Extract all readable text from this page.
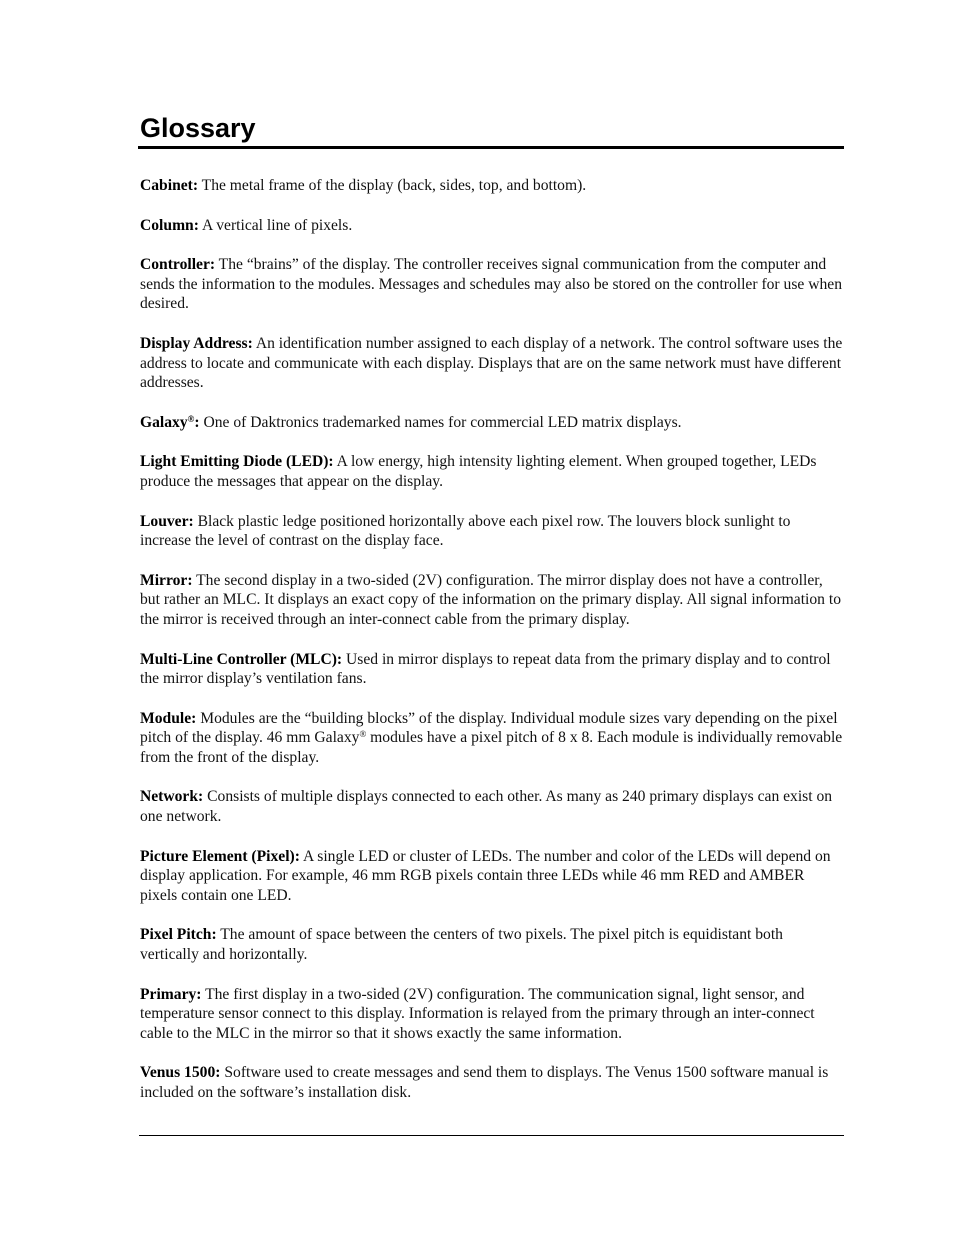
Glossary

Cabinet: The metal frame of the display (back, sides, top, and bottom).

Column: A vertical line of pixels.

Controller: The “brains” of the display. The controller receives signal communication from the computer and sends the information to the modules. Messages and schedules may also be stored on the controller for use when desired.

Display Address: An identification number assigned to each display of a network. The control software uses the address to locate and communicate with each display. Displays that are on the same network must have different addresses.

Galaxy®: One of Daktronics trademarked names for commercial LED matrix displays.

Light Emitting Diode (LED): A low energy, high intensity lighting element. When grouped together, LEDs produce the messages that appear on the display.

Louver: Black plastic ledge positioned horizontally above each pixel row. The louvers block sunlight to increase the level of contrast on the display face.

Mirror: The second display in a two-sided (2V) configuration. The mirror display does not have a controller, but rather an MLC. It displays an exact copy of the information on the primary display. All signal information to the mirror is received through an inter-connect cable from the primary display.

Multi-Line Controller (MLC): Used in mirror displays to repeat data from the primary display and to control the mirror display’s ventilation fans.

Module: Modules are the “building blocks” of the display. Individual module sizes vary depending on the pixel pitch of the display. 46 mm Galaxy® modules have a pixel pitch of 8 x 8. Each module is individually removable from the front of the display.

Network: Consists of multiple displays connected to each other. As many as 240 primary displays can exist on one network.

Picture Element (Pixel): A single LED or cluster of LEDs. The number and color of the LEDs will depend on display application. For example, 46 mm RGB pixels contain three LEDs while 46 mm RED and AMBER pixels contain one LED.

Pixel Pitch: The amount of space between the centers of two pixels. The pixel pitch is equidistant both vertically and horizontally.

Primary: The first display in a two-sided (2V) configuration. The communication signal, light sensor, and temperature sensor connect to this display. Information is relayed from the primary through an inter-connect cable to the MLC in the mirror so that it shows exactly the same information.

Venus 1500: Software used to create messages and send them to displays. The Venus 1500 software manual is included on the software’s installation disk.
